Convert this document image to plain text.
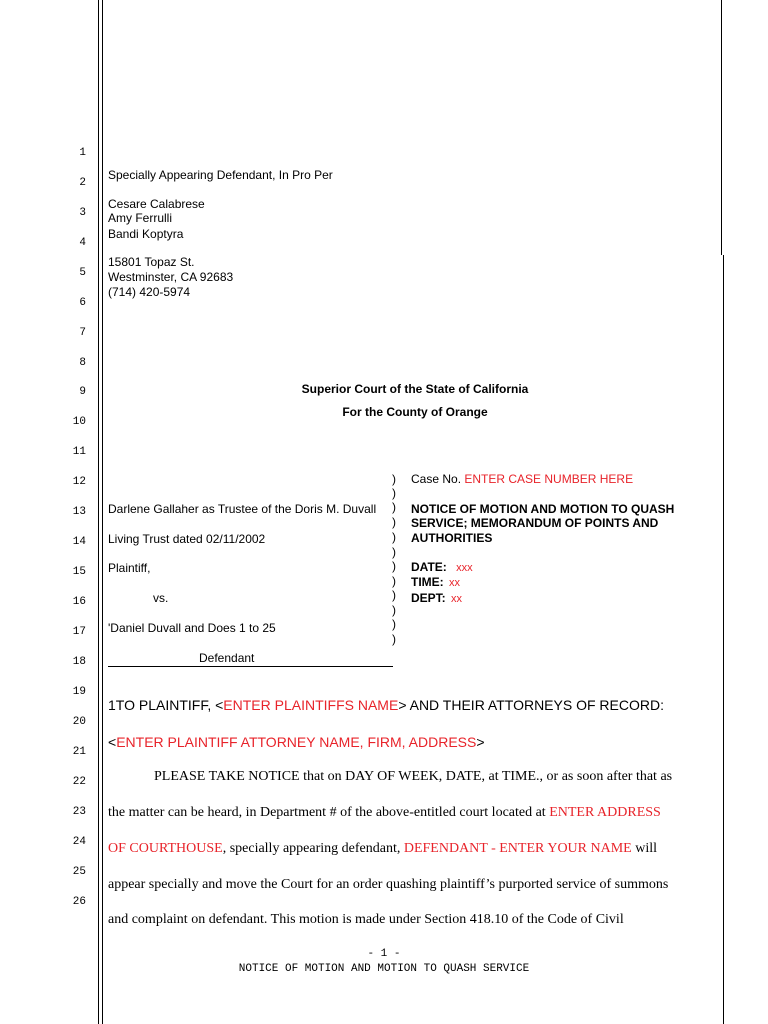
1
2
3
4
5
6
7
8
9
10
11
12
13
14
15
16
17
18
19
20
21
22
23
24
25
26
Specially Appearing Defendant, In Pro Per
Cesare Calabrese
Amy Ferrulli
Bandi Koptyra
15801 Topaz St.
Westminster, CA 92683
(714) 420-5974
Superior Court of the State of California
For the County of Orange
Darlene Gallaher as Trustee of the Doris M. Duvall
Living Trust dated 02/11/2002
Plaintiff,
vs.
'Daniel Duvall and Does 1 to 25
Defendant
)
)
)
)
)
)
)
)
)
)
)
)
Case No. ENTER CASE NUMBER HERE
NOTICE OF MOTION AND MOTION TO QUASH
SERVICE; MEMORANDUM OF POINTS AND
AUTHORITIES
DATE: xxx
TIME: xx
DEPT: xx
1TO PLAINTIFF, <ENTER PLAINTIFFS NAME> AND THEIR ATTORNEYS OF RECORD:
<ENTER PLAINTIFF ATTORNEY NAME, FIRM, ADDRESS>
PLEASE TAKE NOTICE that on DAY OF WEEK, DATE, at TIME., or as soon after that as
the matter can be heard, in Department # of the above-entitled court located at ENTER ADDRESS
OF COURTHOUSE, specially appearing defendant, DEFENDANT - ENTER YOUR NAME will
appear specially and move the Court for an order quashing plaintiff’s purported service of summons
and complaint on defendant. This motion is made under Section 418.10 of the Code of Civil
- 1 -
NOTICE OF MOTION AND MOTION TO QUASH SERVICE
